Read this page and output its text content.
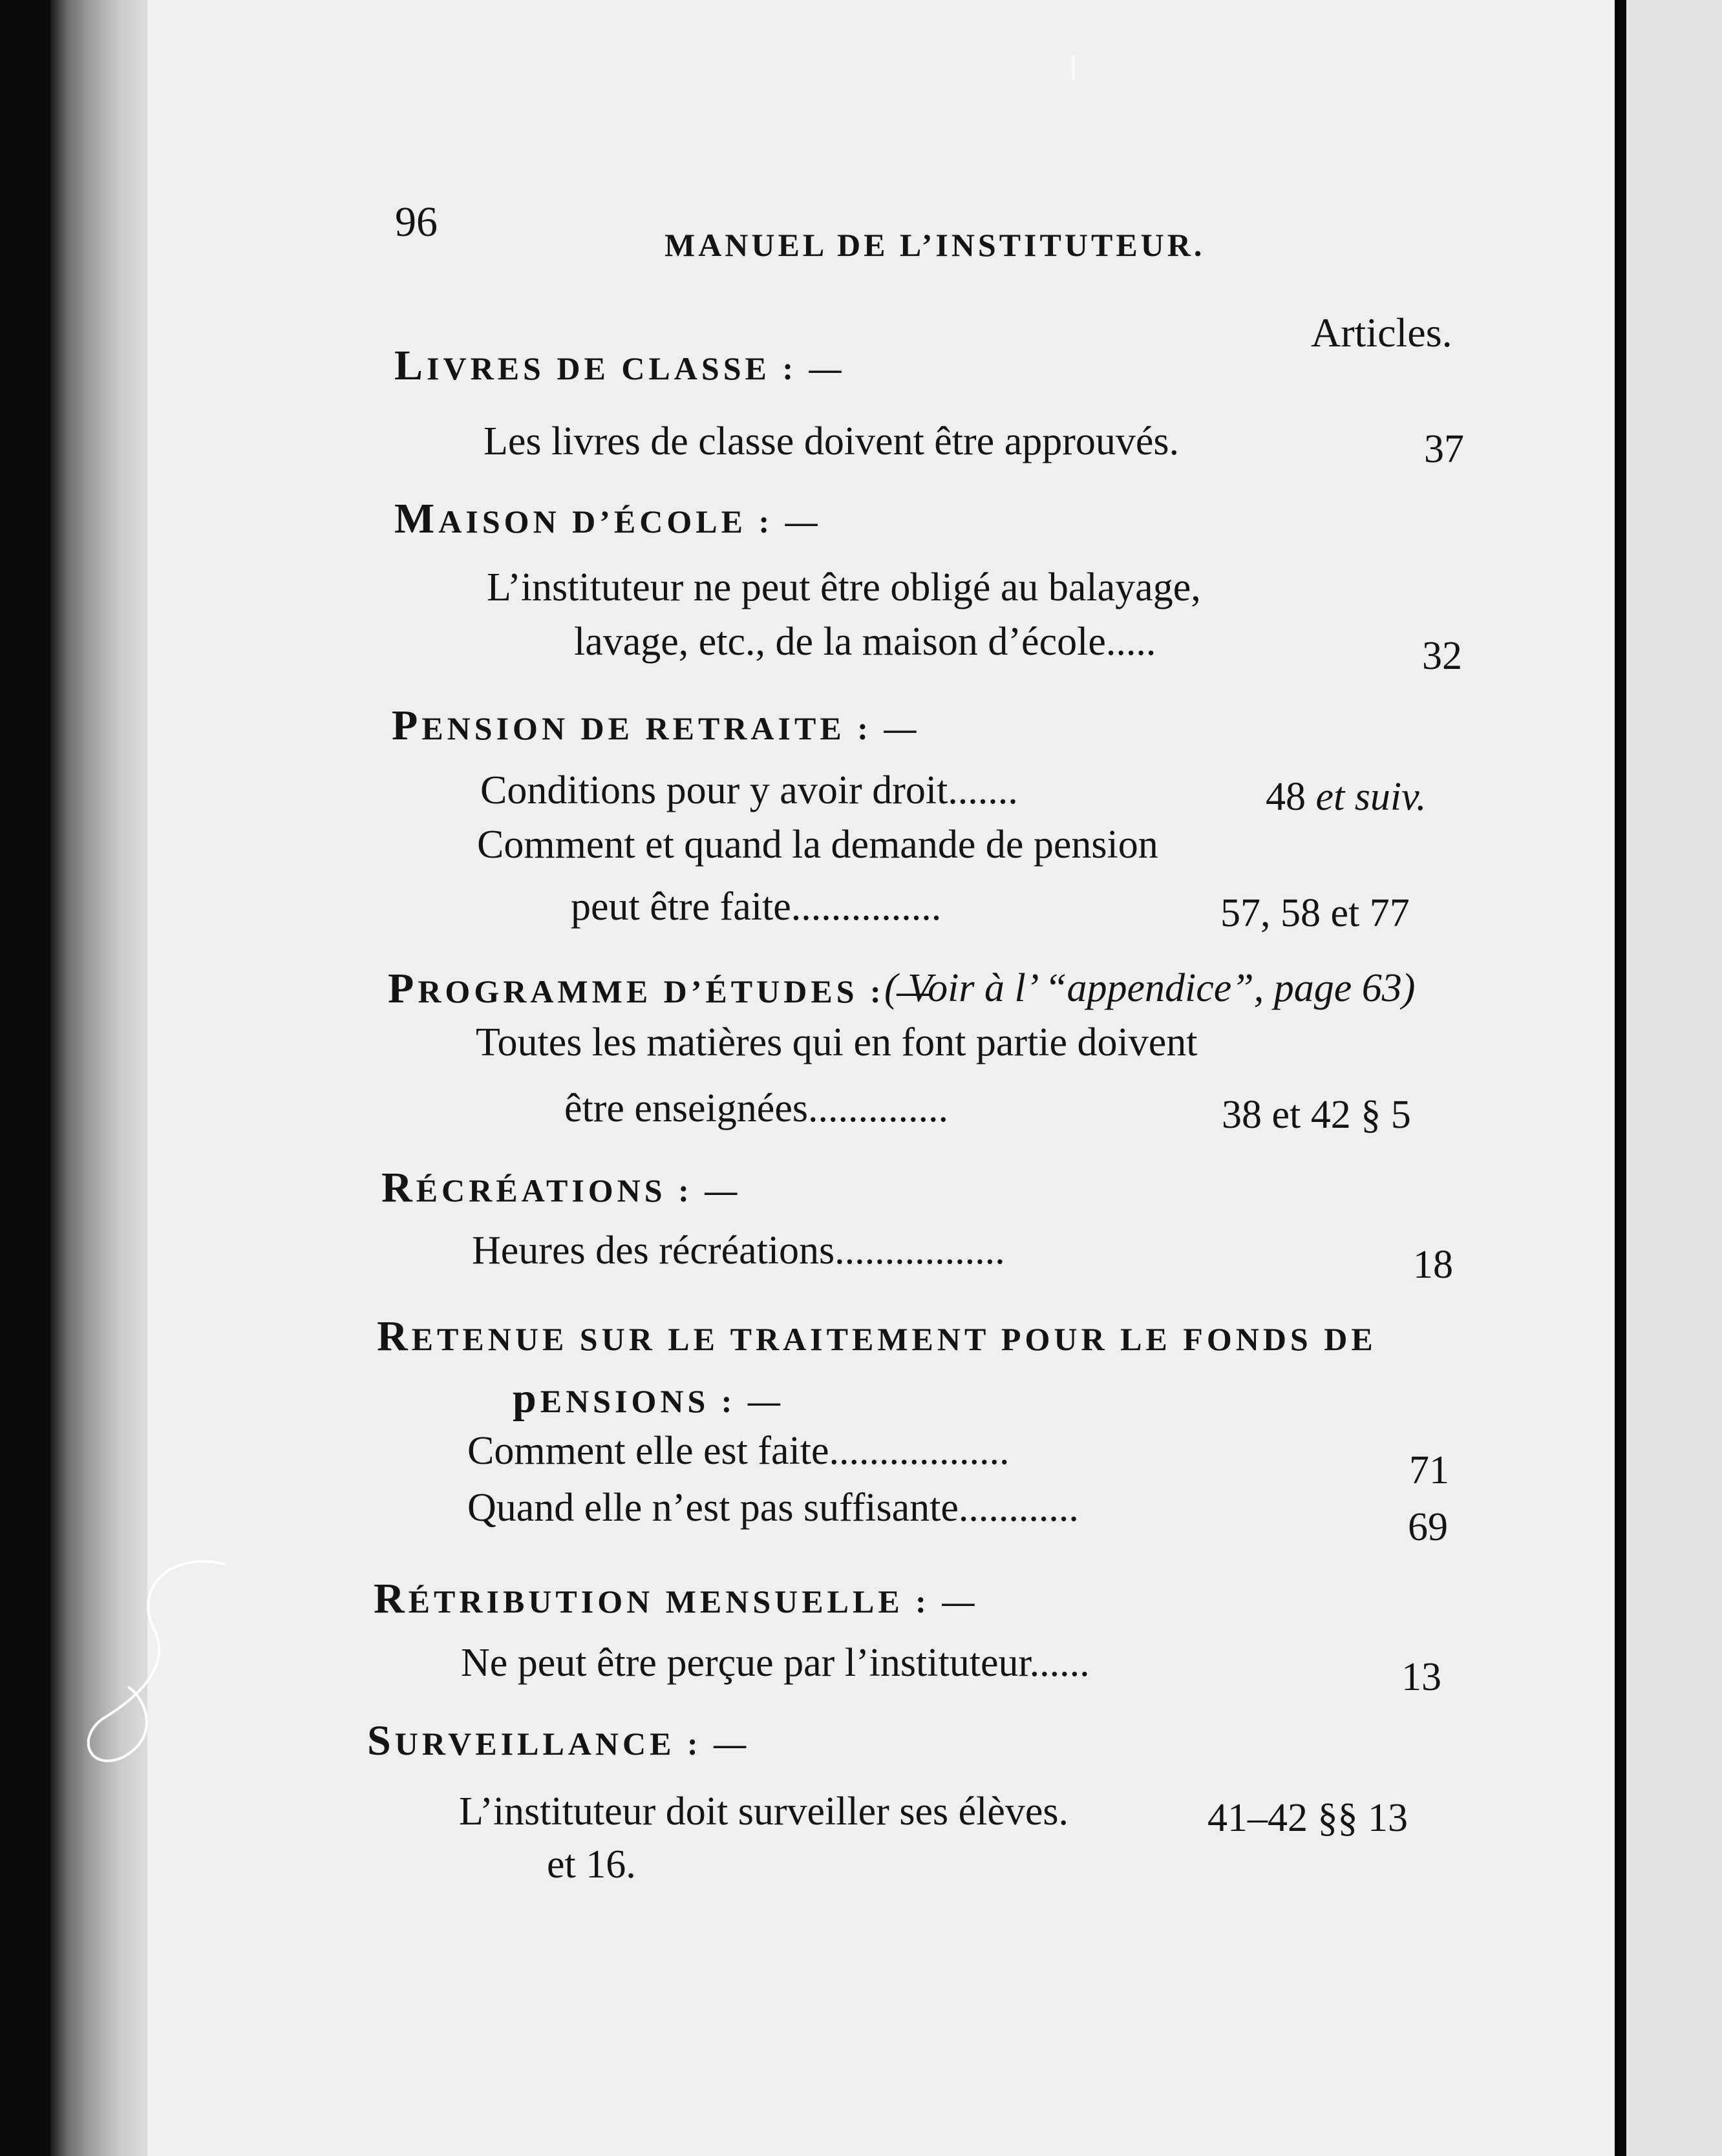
96	MANUEL DE L’INSTITUTEUR.
Articles.
LIVRES DE CLASSE : —
Les livres de classe doivent être approuvés.	37
MAISON D’ÉCOLE : —
L’instituteur ne peut être obligé au balayage,
lavage, etc., de la maison d’école.....	32
PENSION DE RETRAITE : —
Conditions pour y avoir droit.......	48 et suiv.
Comment et quand la demande de pension
peut être faite...............	57, 58 et 77
PROGRAMME D’ÉTUDES : —
( Voir à l’ “appendice”, page 63)
Toutes les matières qui en font partie doivent
être enseignées..............	38 et 42 § 5
RÉCRÉATIONS : —
Heures des récréations.................	18
RETENUE SUR LE TRAITEMENT POUR LE FONDS DE
pENSIONS : —
Comment elle est faite..................	71
Quand elle n’est pas suffisante............	69
RÉTRIBUTION MENSUELLE : —
Ne peut être perçue par l’instituteur......	13
SURVEILLANCE : —
L’instituteur doit surveiller ses élèves.	41–42 §§ 13
et 16.
